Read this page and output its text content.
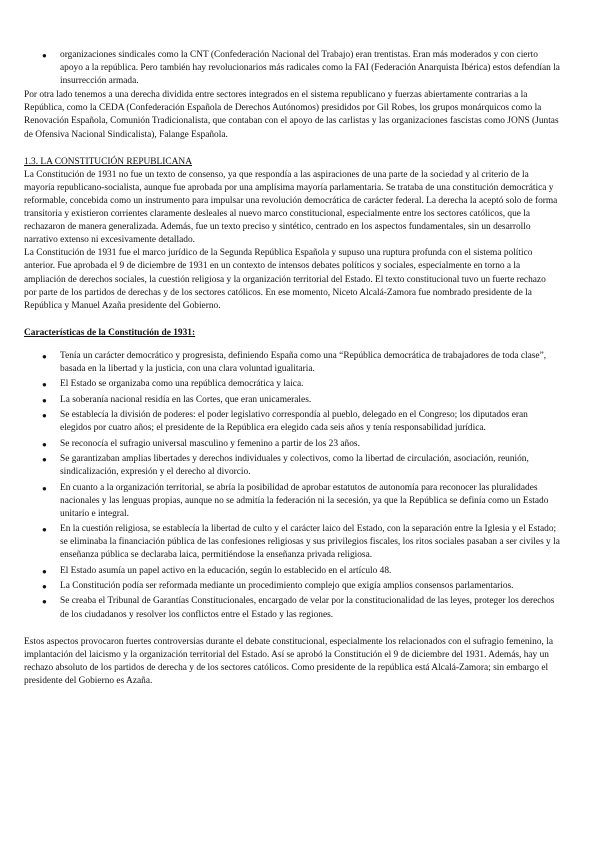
● organizaciones sindicales como la CNT (Confederación Nacional del Trabajo) eran trentistas. Eran más moderados y con cierto apoyo a la república. Pero también hay revolucionarios más radicales como la FAI (Federación Anarquista Ibérica) estos defendían la insurrección armada.

Por otra lado tenemos a una derecha dividida entre sectores integrados en el sistema republicano y fuerzas abiertamente contrarias a la República, como la CEDA (Confederación Española de Derechos Autónomos) presididos por Gil Robes, los grupos monárquicos como la Renovación Española, Comunión Tradicionalista, que contaban con el apoyo de las carlistas y las organizaciones fascistas como JONS (Juntas de Ofensiva Nacional Sindicalista), Falange Española.

1.3. LA CONSTITUCIÓN REPUBLICANA

La Constitución de 1931 no fue un texto de consenso, ya que respondía a las aspiraciones de una parte de la sociedad y al criterio de la mayoría republicano-socialista, aunque fue aprobada por una amplísima mayoría parlamentaria. Se trataba de una constitución democrática y reformable, concebida como un instrumento para impulsar una revolución democrática de carácter federal. La derecha la aceptó solo de forma transitoria y existieron corrientes claramente desleales al nuevo marco constitucional, especialmente entre los sectores católicos, que la rechazaron de manera generalizada. Además, fue un texto preciso y sintético, centrado en los aspectos fundamentales, sin un desarrollo narrativo extenso ni excesivamente detallado.

La Constitución de 1931 fue el marco jurídico de la Segunda República Española y supuso una ruptura profunda con el sistema político anterior. Fue aprobada el 9 de diciembre de 1931 en un contexto de intensos debates políticos y sociales, especialmente en torno a la ampliación de derechos sociales, la cuestión religiosa y la organización territorial del Estado. El texto constitucional tuvo un fuerte rechazo por parte de los partidos de derechas y de los sectores católicos. En ese momento, Niceto Alcalá-Zamora fue nombrado presidente de la República y Manuel Azaña presidente del Gobierno.

Características de la Constitución de 1931:

● Tenía un carácter democrático y progresista, definiendo España como una “República democrática de trabajadores de toda clase”, basada en la libertad y la justicia, con una clara voluntad igualitaria.
● El Estado se organizaba como una república democrática y laica.
● La soberanía nacional residía en las Cortes, que eran unicamerales.
● Se establecía la división de poderes: el poder legislativo correspondía al pueblo, delegado en el Congreso; los diputados eran elegidos por cuatro años; el presidente de la República era elegido cada seis años y tenía responsabilidad jurídica.
● Se reconocía el sufragio universal masculino y femenino a partir de los 23 años.
● Se garantizaban amplias libertades y derechos individuales y colectivos, como la libertad de circulación, asociación, reunión, sindicalización, expresión y el derecho al divorcio.
● En cuanto a la organización territorial, se abría la posibilidad de aprobar estatutos de autonomía para reconocer las pluralidades nacionales y las lenguas propias, aunque no se admitía la federación ni la secesión, ya que la República se definía como un Estado unitario e integral.
● En la cuestión religiosa, se establecía la libertad de culto y el carácter laico del Estado, con la separación entre la Iglesia y el Estado; se eliminaba la financiación pública de las confesiones religiosas y sus privilegios fiscales, los ritos sociales pasaban a ser civiles y la enseñanza pública se declaraba laica, permitiéndose la enseñanza privada religiosa.
● El Estado asumía un papel activo en la educación, según lo establecido en el artículo 48.
● La Constitución podía ser reformada mediante un procedimiento complejo que exigía amplios consensos parlamentarios.
● Se creaba el Tribunal de Garantías Constitucionales, encargado de velar por la constitucionalidad de las leyes, proteger los derechos de los ciudadanos y resolver los conflictos entre el Estado y las regiones.

Estos aspectos provocaron fuertes controversias durante el debate constitucional, especialmente los relacionados con el sufragio femenino, la implantación del laicismo y la organización territorial del Estado. Así se aprobó la Constitución el 9 de diciembre del 1931. Además, hay un rechazo absoluto de los partidos de derecha y de los sectores católicos. Como presidente de la república está Alcalá-Zamora; sin embargo el presidente del Gobierno es Azaña.
